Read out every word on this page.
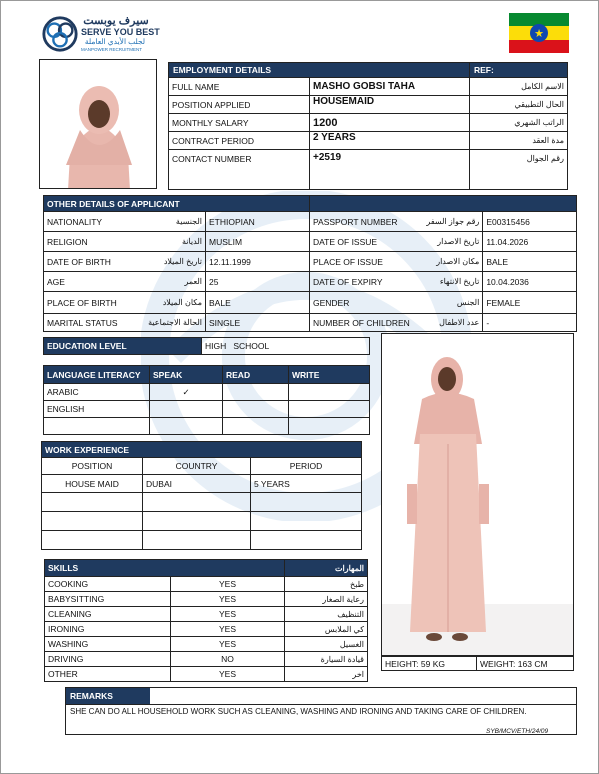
سيرف يوبست
SERVE YOU BEST
لجلب الأيدي العاملة
MANPOWER RECRUITMENT
★
EMPLOYMENT DETAILS		REF:
FULL NAME	MASHO GOBSI TAHA	الاسم الكامل
POSITION APPLIED	HOUSEMAID	الحال التطبيقي
MONTHLY SALARY	1200	الراتب الشهري
CONTRACT PERIOD	2 YEARS	مدة العقد
CONTACT NUMBER	+2519	رقم الجوال
OTHER DETAILS OF APPLICANT					
NATIONALITY	الجنسية	ETHIOPIAN	PASSPORT NUMBER	رقم جواز السفر	E00315456
RELIGION	الديانة	MUSLIM	DATE OF ISSUE	تاريخ الاصدار	11.04.2026
DATE OF BIRTH	تاريخ الميلاد	12.11.1999	PLACE OF ISSUE	مكان الاصدار	BALE
AGE	العمر	25	DATE OF EXPIRY	تاريخ الانتهاء	10.04.2036
PLACE OF BIRTH	مكان الميلاد	BALE	GENDER	الجنس	FEMALE
MARITAL STATUS	الحالة الاجتماعية	SINGLE	NUMBER OF CHILDREN	عدد الاطفال	-
EDUCATION LEVEL	HIGH   SCHOOL
LANGUAGE LITERACY	SPEAK	READ	WRITE
ARABIC	✓		
ENGLISH			

WORK EXPERIENCE		
POSITION	COUNTRY	PERIOD
HOUSE MAID	DUBAI	5 YEARS

SKILLS		المهارات
COOKING	YES	طبخ
BABYSITTING	YES	رعاية الصغار
CLEANING	YES	التنظيف
IRONING	YES	كي الملابس
WASHING	YES	الغسيل
DRIVING	NO	قيادة السيارة
OTHER	YES	اخر
HEIGHT: 59 KG	WEIGHT: 163 CM
REMARKS
SHE CAN DO ALL HOUSEHOLD WORK SUCH AS CLEANING, WASHING AND IRONING AND TAKING CARE OF CHILDREN.
SYB/MCV/ETH/24/09
